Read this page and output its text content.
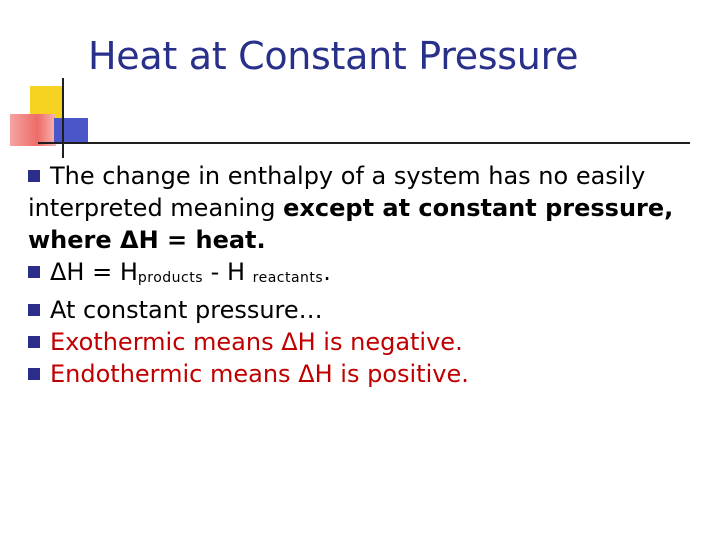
Heat at Constant Pressure
The change in enthalpy of a system has no easily interpreted meaning except at constant pressure, where ΔH = heat.
ΔH = Hproducts - H reactants.
At constant pressure…
Exothermic means ΔH is negative.
Endothermic means ΔH is positive.
